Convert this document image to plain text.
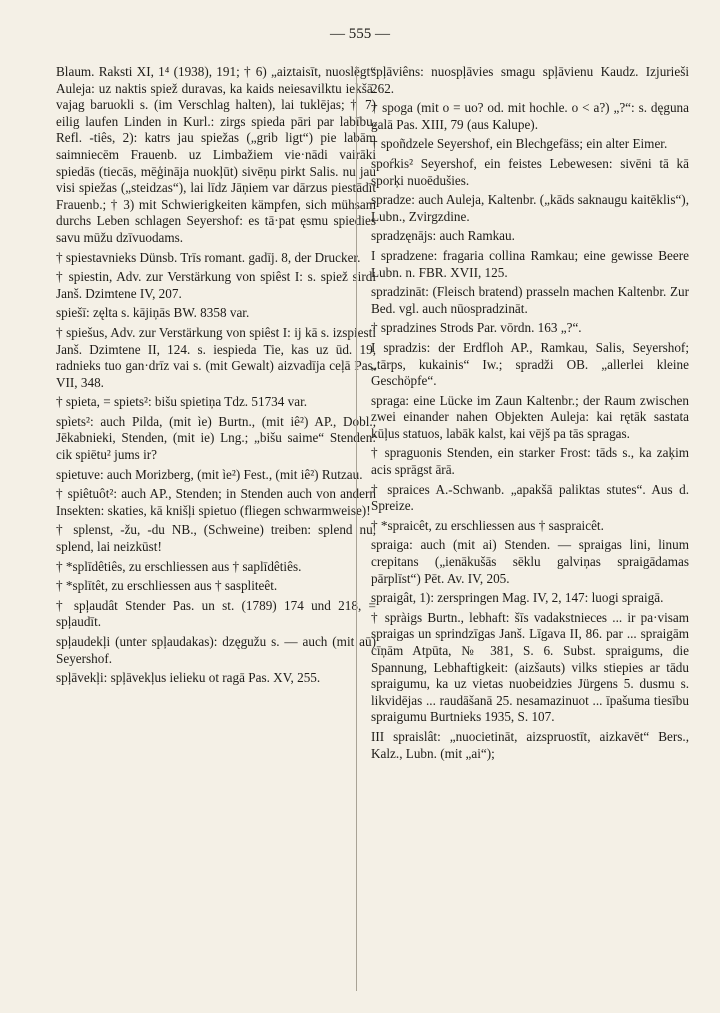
— 555 —

Blaum. Raksti XI, 1⁴ (1938), 191; † 6) „aiztaisīt, nuoslēgt“ Auleja: uz naktis spiež duravas, ka kaids neiesavilktu iekšā. vajag baruokli s. (im Verschlag halten), lai tuklējas; † 7) eilig laufen Linden in Kurl.: zirgs spieda pāri par labību. Refl. -tiês, 2): katrs jau spiežas („grib ligt“) pie labām saimniecēm Frauenb. uz Limbažiem vie·nādi vairāki spiedās (tiecās, mēģināja nuokļūt) sivēņu pirkt Salis. nu jau visi spiežas („steidzas“), lai līdz Jāņiem var dārzus piestādīt Frauenb.; † 3) mit Schwierigkeiten kämpfen, sich mühsam durchs Leben schlagen Seyershof: es tā·pat ęsmu spiedies savu mūžu dzīvuodams.

† spiestavnieks Dünsb. Trīs romant. gadīj. 8, der Drucker.

† spiestin, Adv. zur Verstärkung von spiêst I: s. spiež sirdi Janš. Dzimtene IV, 207.

spiešī: zęlta s. kājiņās BW. 8358 var.

† spiešus, Adv. zur Verstärkung von spiêst I: ij kā s. izspiesti Janš. Dzimtene II, 124. s. iespieda Tie, kas uz ūd. 19, radnieks tuo gan·drīz vai s. (mit Gewalt) aizvadīja ceļā Pas. VII, 348.

† spieta, = spiets²: bišu spietiņa Tdz. 51734 var.

spìets²: auch Pilda, (mit ìe) Burtn., (mit iê²) AP., Dobl., Jēkabnieki, Stenden, (mit ie) Lng.; „bišu saime“ Stenden: cik spiētu² jums ir?

spietuve: auch Morizberg, (mit ìe²) Fest., (mit iê²) Rutzau.

† spiêtuôt²: auch AP., Stenden; in Stenden auch von andern Insekten: skaties, kā knišļi spietuo (fliegen schwarmweise)!

† splenst, -žu, -du NB., (Schweine) treiben: splend nu, splend, lai neizkūst!

† *splīdêtiês, zu erschliessen aus † saplīdêtiês.

† *splītêt, zu erschliessen aus † saspliteêt.

† spļaudât Stender Pas. un st. (1789) 174 und 218, = spļaudīt.

spļaudekļi (unter spļaudakas): dzęgužu s. — auch (mit aū) Seyershof.

spļāvekļi: spļāvekļus ielieku ot ragā Pas. XV, 255.

spļāviêns: nuospļāvies smagu spļāvienu Kaudz. Izjurieši 262.

† spoga (mit o = uo? od. mit hochle. o < a?) „?“: s. dęguna galā Pas. XIII, 79 (aus Kalupe).

† spoñdzele Seyershof, ein Blechgefäss; ein alter Eimer.

spoŕkis² Seyershof, ein feistes Lebewesen: sivēni tā kā sporķi nuoēdušies.

spradze: auch Auleja, Kaltenbr. („kāds saknaugu kaitēklis“), Lubn., Zvirgzdine.

spradzęnājs: auch Ramkau.

I spradzene: fragaria collina Ramkau; eine gewisse Beere Lubn. n. FBR. XVII, 125.

spradzināt: (Fleisch bratend) prasseln machen Kaltenbr. Zur Bed. vgl. auch nūospradzināt.

† spradzines Strods Par. vōrdn. 163 „?“.

I spradzis: der Erdfloh AP., Ramkau, Salis, Seyershof; „tārps, kukainis“ Iw.; spradži OB. „allerlei kleine Geschöpfe“.

spraga: eine Lücke im Zaun Kaltenbr.; der Raum zwischen zwei einander nahen Objekten Auleja: kai rętāk sastata kūļus statuos, labāk kalst, kai vējš pa tās spragas.

† spraguonis Stenden, ein starker Frost: tāds s., ka zaķim acis sprāgst ārā.

† spraices A.-Schwanb. „apakšā paliktas stutes“. Aus d. Spreize.

† *spraicêt, zu erschliessen aus † saspraicêt.

spraiga: auch (mit ai) Stenden. — spraigas lini, linum crepitans („ienākušās sēklu galviņas spraigādamas pārplīst“) Pēt. Av. IV, 205.

spraigât, 1): zerspringen Mag. IV, 2, 147: luogi spraigā.

† spràigs Burtn., lebhaft: šīs vadakstnieces ... ir pa·visam spraigas un sprindzīgas Janš. Līgava II, 86. par ... spraigām cīņām Atpūta, № 381, S. 6. Subst. spraigums, die Spannung, Lebhaftigkeit: (aizšauts) vilks stiepies ar tādu spraigumu, ka uz vietas nuobeidzies Jürgens 5. dusmu s. likvidējas ... raudāšanā 25. nesamazinuot ... īpašuma tiesību spraigumu Burtnieks 1935, S. 107.

III spraislât: „nuocietināt, aizspruostīt, aizkavēt“ Bers., Kalz., Lubn. (mit „ai“);
